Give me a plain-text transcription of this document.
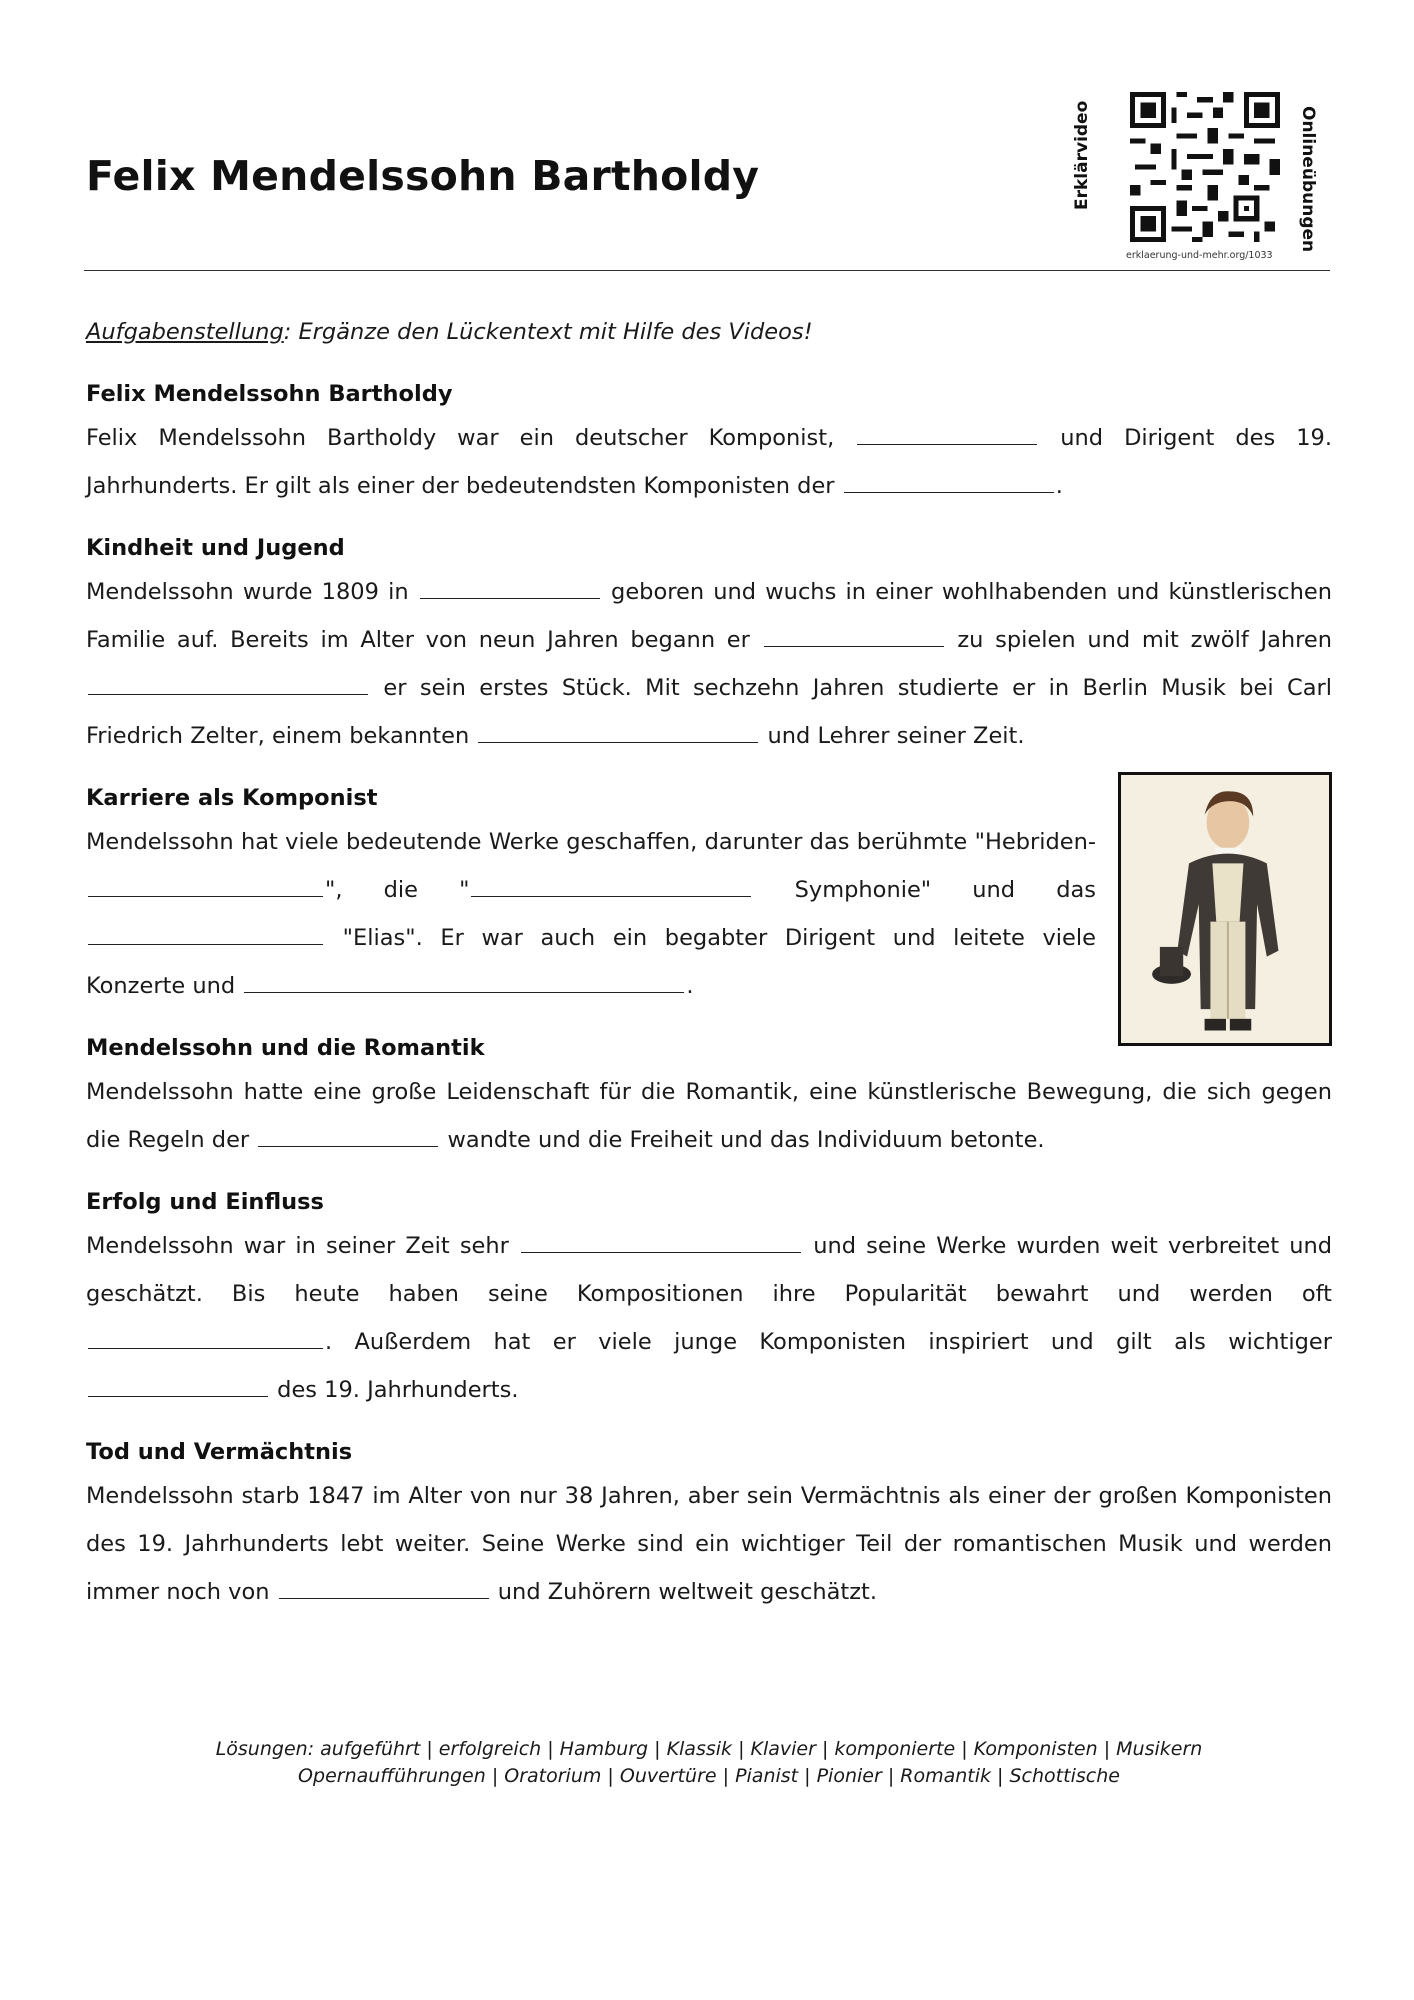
Felix Mendelssohn Bartholdy	Erklärvideo	Onlineübungen
erklaerung-und-mehr.org/1033

Aufgabenstellung: Ergänze den Lückentext mit Hilfe des Videos!

Felix Mendelssohn Bartholdy

Felix Mendelssohn Bartholdy war ein deutscher Komponist,	und Dirigent des 19. Jahrhunderts. Er gilt als einer der bedeutendsten Komponisten der	.

Kindheit und Jugend

Mendelssohn wurde 1809 in	geboren und wuchs in einer wohlhabenden und künstlerischen Familie auf. Bereits im Alter von neun Jahren begann er	zu spielen und mit zwölf Jahren  er sein erstes Stück. Mit sechzehn Jahren studierte er in Berlin Musik bei Carl Friedrich Zelter, einem bekannten	und Lehrer seiner Zeit.

Karriere als Komponist

Mendelssohn hat viele bedeutende Werke geschaffen, darunter das berühmte "Hebriden-", die "	Symphonie" und das  "Elias". Er war auch ein begabter Dirigent und leitete viele Konzerte und	.

Mendelssohn und die Romantik

Mendelssohn hatte eine große Leidenschaft für die Romantik, eine künstlerische Bewegung, die sich gegen die Regeln der	wandte und die Freiheit und das Individuum betonte.

Erfolg und Einfluss

Mendelssohn war in seiner Zeit sehr	und seine Werke wurden weit verbreitet und geschätzt. Bis heute haben seine Kompositionen ihre Popularität bewahrt und werden oft . Außerdem hat er viele junge Komponisten inspiriert und gilt als wichtiger  des 19. Jahrhunderts.

Tod und Vermächtnis

Mendelssohn starb 1847 im Alter von nur 38 Jahren, aber sein Vermächtnis als einer der großen Komponisten des 19. Jahrhunderts lebt weiter. Seine Werke sind ein wichtiger Teil der romantischen Musik und werden immer noch von	und Zuhörern weltweit geschätzt.

Lösungen: aufgeführt | erfolgreich | Hamburg | Klassik | Klavier | komponierte | Komponisten | Musikern
Opernaufführungen | Oratorium | Ouvertüre | Pianist | Pionier | Romantik | Schottische
